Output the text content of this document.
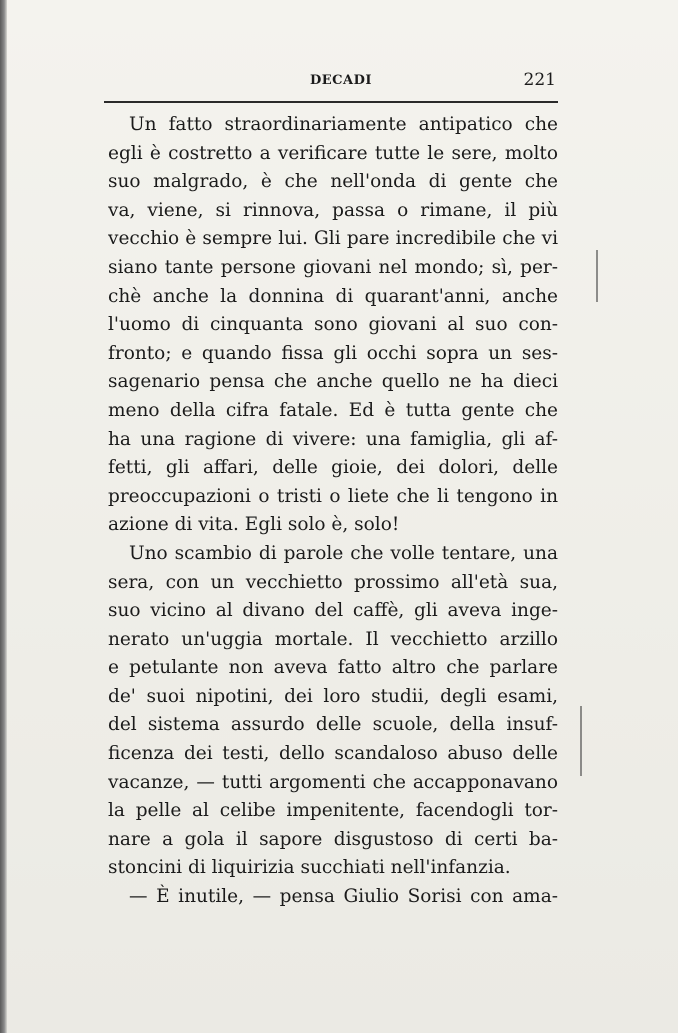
DECADI	221
Un fatto straordinariamente antipatico che
egli è costretto a verificare tutte le sere, molto
suo malgrado, è che nell'onda di gente che
va, viene, si rinnova, passa o rimane, il più
vecchio è sempre lui. Gli pare incredibile che vi
siano tante persone giovani nel mondo; sì, per-
chè anche la donnina di quarant'anni, anche
l'uomo di cinquanta sono giovani al suo con-
fronto; e quando fissa gli occhi sopra un ses-
sagenario pensa che anche quello ne ha dieci
meno della cifra fatale. Ed è tutta gente che
ha una ragione di vivere: una famiglia, gli af-
fetti, gli affari, delle gioie, dei dolori, delle
preoccupazioni o tristi o liete che li tengono in
azione di vita. Egli solo è, solo!
Uno scambio di parole che volle tentare, una
sera, con un vecchietto prossimo all'età sua,
suo vicino al divano del caffè, gli aveva inge-
nerato un'uggia mortale. Il vecchietto arzillo
e petulante non aveva fatto altro che parlare
de' suoi nipotini, dei loro studii, degli esami,
del sistema assurdo delle scuole, della insuf-
ficenza dei testi, dello scandaloso abuso delle
vacanze, — tutti argomenti che accapponavano
la pelle al celibe impenitente, facendogli tor-
nare a gola il sapore disgustoso di certi ba-
stoncini di liquirizia succhiati nell'infanzia.
— È inutile, — pensa Giulio Sorisi con ama-
